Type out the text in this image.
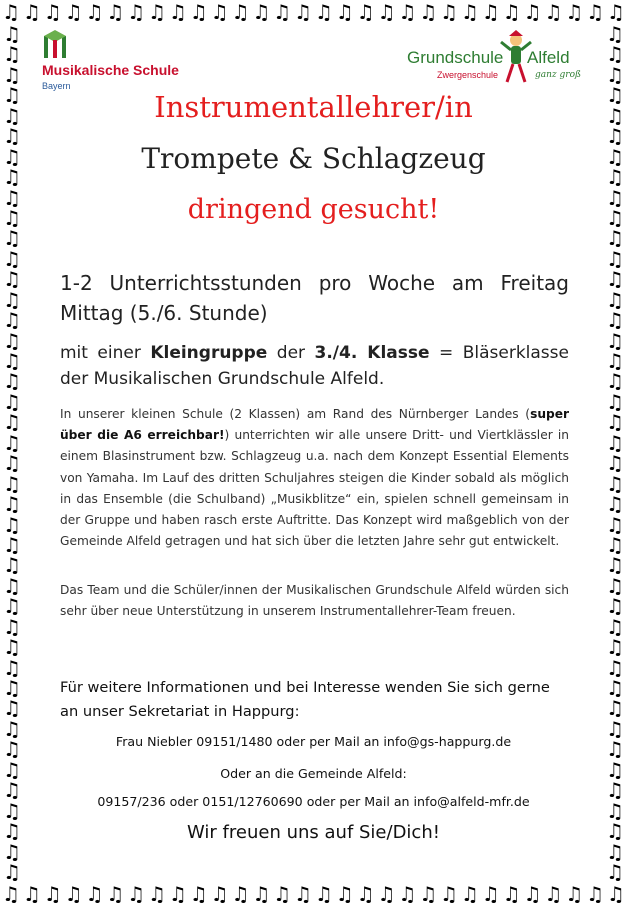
♫ ♫ ♫ ♫ ♫ ♫ ♫ ♫ ♫ ♫ ♫ ♫ ♫ ♫ ♫ ♫ ♫ ♫ ♫ ♫ ♫ ♫ ♫ ♫ ♫ ♫ ♫ ♫ ♫ ♫
♫ ♫ ♫ ♫ ♫ ♫ ♫ ♫ ♫ ♫ ♫ ♫ ♫ ♫ ♫ ♫ ♫ ♫ ♫ ♫ ♫ ♫ ♫ ♫ ♫ ♫ ♫ ♫ ♫ ♫
♫
♫
♫
♫
♫
♫
♫
♫
♫
♫
♫
♫
♫
♫
♫
♫
♫
♫
♫
♫
♫
♫
♫
♫
♫
♫
♫
♫
♫
♫
♫
♫
♫
♫
♫
♫
♫
♫
♫
♫
♫
♫
♫
♫
♫
♫
♫
♫
♫
♫
♫
♫
♫
♫
♫
♫
♫
♫
♫
♫
♫
♫
♫
♫
♫
♫
♫
♫
♫
♫
♫
♫
♫
♫
♫
♫
♫
♫
♫
♫
♫
♫
♫
♫
Musikalische Schule
Bayern
Grundschule Alfeld
Zwergenschule	ganz groß
Instrumentallehrer/in
Trompete & Schlagzeug
dringend gesucht!
1-2 Unterrichtsstunden pro Woche am Freitag Mittag (5./6. Stunde)
mit einer Kleingruppe der 3./4. Klasse = Bläserklasse der Musikalischen Grundschule Alfeld.
In unserer kleinen Schule (2 Klassen) am Rand des Nürnberger Landes (super über die A6 erreichbar!) unterrichten wir alle unsere Dritt- und Viertklässler in einem Blasinstrument bzw. Schlagzeug u.a. nach dem Konzept Essential Elements von Yamaha. Im Lauf des dritten Schuljahres steigen die Kinder sobald als möglich in das Ensemble (die Schulband) „Musikblitze“ ein, spielen schnell gemeinsam in der Gruppe und haben rasch erste Auftritte. Das Konzept wird maßgeblich von der Gemeinde Alfeld getragen und hat sich über die letzten Jahre sehr gut entwickelt.
Das Team und die Schüler/innen der Musikalischen Grundschule Alfeld würden sich sehr über neue Unterstützung in unserem Instrumentallehrer-Team freuen.
Für weitere Informationen und bei Interesse wenden Sie sich gerne an unser Sekretariat in Happurg:
Frau Niebler 09151/1480 oder per Mail an info@gs-happurg.de
Oder an die Gemeinde Alfeld:
09157/236 oder 0151/12760690 oder per Mail an info@alfeld-mfr.de
Wir freuen uns auf Sie/Dich!
